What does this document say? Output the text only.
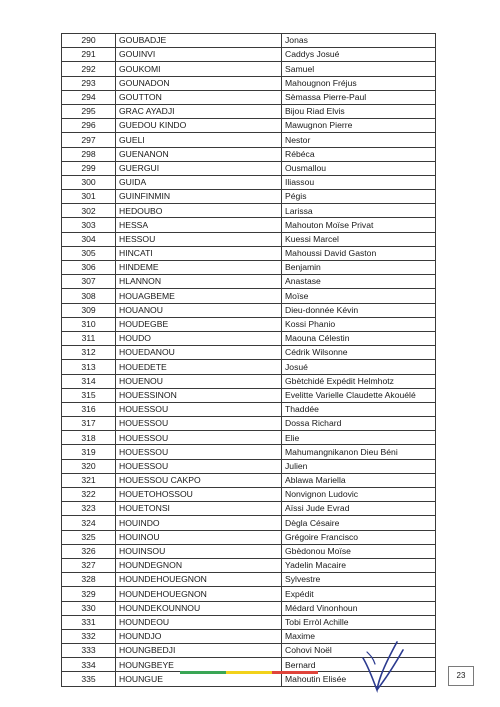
290	GOUBADJE	Jonas
291	GOUINVI	Caddys Josué
292	GOUKOMI	Samuel
293	GOUNADON	Mahougnon Fréjus
294	GOUTTON	Sèmassa Pierre-Paul
295	GRAC AYADJI	Bijou Riad Elvis
296	GUEDOU KINDO	Mawugnon Pierre
297	GUELI	Nestor
298	GUENANON	Rébéca
299	GUERGUI	Ousmallou
300	GUIDA	Iliassou
301	GUINFINMIN	Pégis
302	HEDOUBO	Larissa
303	HESSA	Mahouton Moïse Privat
304	HESSOU	Kuessi Marcel
305	HINCATI	Mahoussi David Gaston
306	HINDEME	Benjamin
307	HLANNON	Anastase
308	HOUAGBEME	Moïse
309	HOUANOU	Dieu-donnée Kévin
310	HOUDEGBE	Kossi Phanio
311	HOUDO	Maouna Célestin
312	HOUEDANOU	Cédrik Wilsonne
313	HOUEDETE	Josué
314	HOUENOU	Gbètchidé Expédit Helmhotz
315	HOUESSINON	Evelitte Varielle Claudette Akouélé
316	HOUESSOU	Thaddée
317	HOUESSOU	Dossa Richard
318	HOUESSOU	Elie
319	HOUESSOU	Mahumangnikanon Dieu Béni
320	HOUESSOU	Julien
321	HOUESSOU CAKPO	Ablawa Mariella
322	HOUETOHOSSOU	Nonvignon Ludovic
323	HOUETONSI	Aïssi Jude Evrad
324	HOUINDO	Dègla Césaire
325	HOUINOU	Grégoire Francisco
326	HOUINSOU	Gbèdonou Moïse
327	HOUNDEGNON	Yadelin Macaire
328	HOUNDEHOUEGNON	Sylvestre
329	HOUNDEHOUEGNON	Expédit
330	HOUNDEKOUNNOU	Médard Vinonhoun
331	HOUNDEOU	Tobi Erròl Achille
332	HOUNDJO	Maxime
333	HOUNGBEDJI	Cohovi Noël
334	HOUNGBEYE	Bernard
335	HOUNGUE	Mahoutin Elisée	23
